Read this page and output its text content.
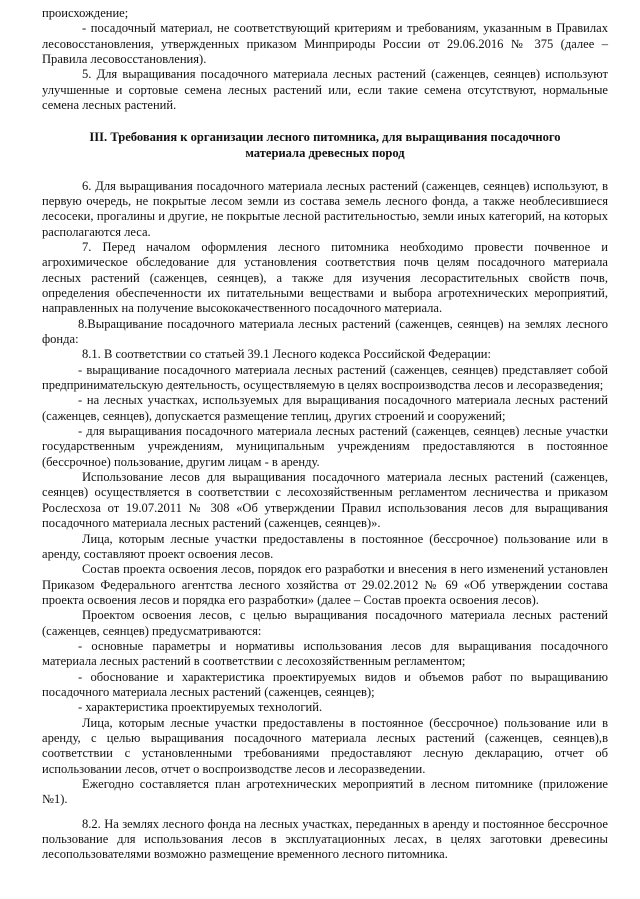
происхождение;

- посадочный материал, не соответствующий критериям и требованиям, указанным в Правилах лесовосстановления, утвержденных приказом Минприроды России от 29.06.2016 № 375 (далее – Правила лесовосстановления).

5. Для выращивания посадочного материала лесных растений (саженцев, сеянцев) используют улучшенные и сортовые семена лесных растений или, если такие семена отсутствуют, нормальные семена лесных растений.

III. Требования к организации лесного питомника, для выращивания посадочного материала древесных пород

6. Для выращивания посадочного материала лесных растений (саженцев, сеянцев) используют, в первую очередь, не покрытые лесом земли из состава земель лесного фонда, а также необлесившиеся лесосеки, прогалины и другие, не покрытые лесной растительностью, земли иных категорий, на которых располагаются леса.

7. Перед началом оформления лесного питомника необходимо провести почвенное и агрохимическое обследование для установления соответствия почв целям посадочного материала лесных растений (саженцев, сеянцев), а также для изучения лесорастительных свойств почв, определения обеспеченности их питательными веществами и выбора агротехнических мероприятий, направленных на получение высококачественного посадочного материала.

8.Выращивание посадочного материала лесных растений (саженцев, сеянцев) на землях лесного фонда:

8.1. В соответствии со статьей 39.1 Лесного кодекса Российской Федерации:

- выращивание посадочного материала лесных растений (саженцев, сеянцев) представляет собой предпринимательскую деятельность, осуществляемую в целях воспроизводства лесов и лесоразведения;

- на лесных участках, используемых для выращивания посадочного материала лесных растений (саженцев, сеянцев), допускается размещение теплиц, других строений и сооружений;

- для выращивания посадочного материала лесных растений (саженцев, сеянцев) лесные участки государственным учреждениям, муниципальным учреждениям предоставляются в постоянное (бессрочное) пользование, другим лицам - в аренду.

Использование лесов для выращивания посадочного материала лесных растений (саженцев, сеянцев) осуществляется в соответствии с лесохозяйственным регламентом лесничества и приказом Рослесхоза от 19.07.2011 № 308 «Об утверждении Правил использования лесов для выращивания посадочного материала лесных растений (саженцев, сеянцев)».

Лица, которым лесные участки предоставлены в постоянное (бессрочное) пользование или в аренду, составляют проект освоения лесов.

Состав проекта освоения лесов, порядок его разработки и внесения в него изменений установлен Приказом Федерального агентства лесного хозяйства от 29.02.2012 № 69 «Об утверждении состава проекта освоения лесов и порядка его разработки» (далее – Состав проекта освоения лесов).

Проектом освоения лесов, с целью выращивания посадочного материала лесных растений (саженцев, сеянцев) предусматриваются:

- основные параметры и нормативы использования лесов для выращивания посадочного материала лесных растений в соответствии с лесохозяйственным регламентом;

- обоснование и характеристика проектируемых видов и объемов работ по выращиванию посадочного материала лесных растений (саженцев, сеянцев);

- характеристика проектируемых технологий.

Лица, которым лесные участки предоставлены в постоянное (бессрочное) пользование или в аренду, с целью выращивания посадочного материала лесных растений (саженцев, сеянцев),в соответствии с установленными требованиями предоставляют лесную декларацию, отчет об использовании лесов, отчет о воспроизводстве лесов и лесоразведении.

Ежегодно составляется план агротехнических мероприятий в лесном питомнике (приложение №1).

8.2. На землях лесного фонда на лесных участках, переданных в аренду и постоянное бессрочное пользование для использования лесов в эксплуатационных лесах, в целях заготовки древесины лесопользователями возможно размещение временного лесного питомника.
